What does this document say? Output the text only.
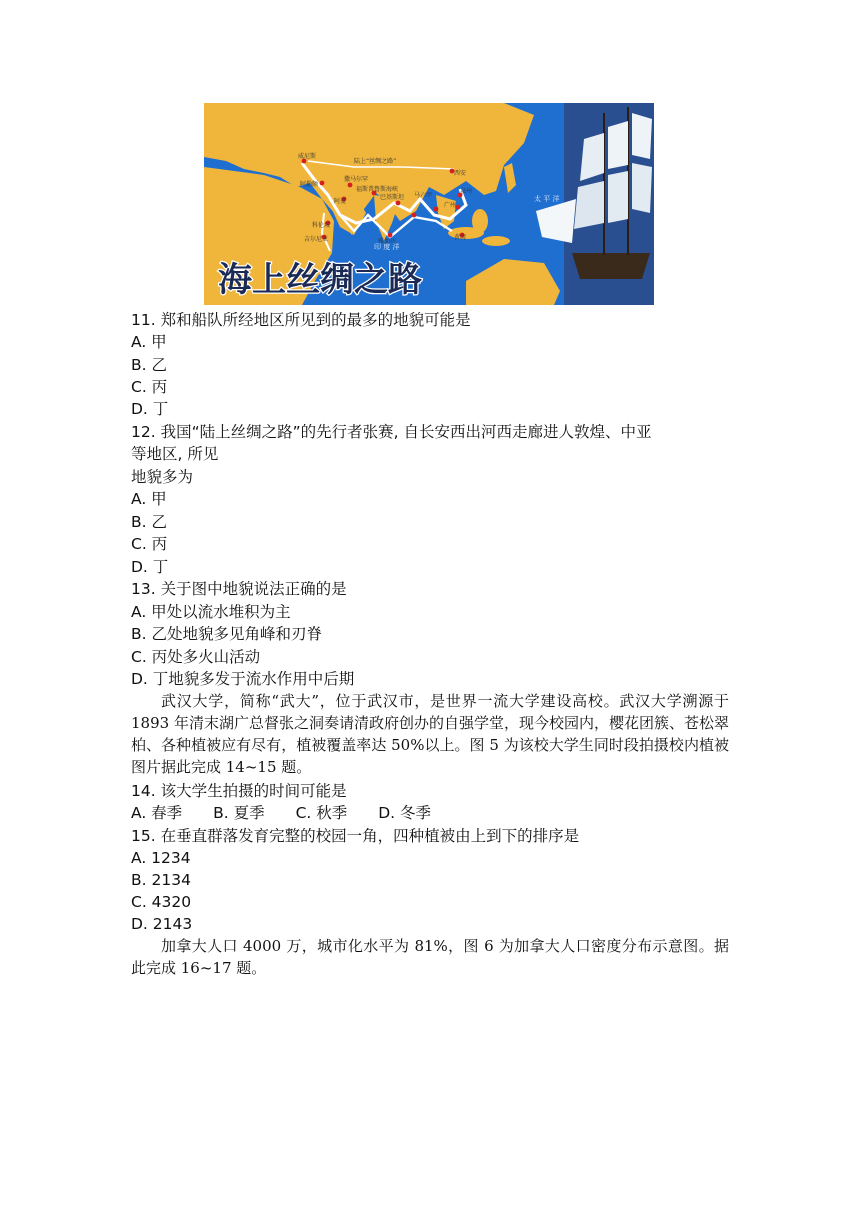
陆上“丝绸之路”
威尼斯
阿勒颇
撒马尔罕
西安
福斯普鲁斯海峡
阿曼
巴基斯坦 马六甲
泉州
广州
科伦坡
吉尔尼亚	雅加达
黄湾
印 度 洋
太 平 洋
海上丝绸之路
11. 郑和船队所经地区所见到的最多的地貌可能是
A. 甲
B. 乙
C. 丙
D. 丁
12. 我国“陆上丝绸之路”的先行者张赛, 自长安西出河西走廊进人敦煌、中亚
等地区, 所见
地貌多为
A. 甲
B. 乙
C. 丙
D. 丁
13. 关于图中地貌说法正确的是
A. 甲处以流水堆积为主
B. 乙处地貌多见角峰和刃脊
C. 丙处多火山活动
D. 丁地貌多发于流水作用中后期
武汉大学，简称“武大”，位于武汉市，是世界一流大学建设高校。武汉大学溯源于 1893 年清末湖广总督张之洞奏请清政府创办的自强学堂，现今校园内，樱花团簇、苍松翠柏、各种植被应有尽有，植被覆盖率达 50%以上。图 5 为该校大学生同时段拍摄校内植被图片据此完成 14~15 题。
14. 该大学生拍摄的时间可能是
A. 春季 B. 夏季 C. 秋季 D. 冬季
15. 在垂直群落发育完整的校园一角，四种植被由上到下的排序是
A. 1234
B. 2134
C. 4320
D. 2143
加拿大人口 4000 万，城市化水平为 81%，图 6 为加拿大人口密度分布示意图。据此完成 16~17 题。
